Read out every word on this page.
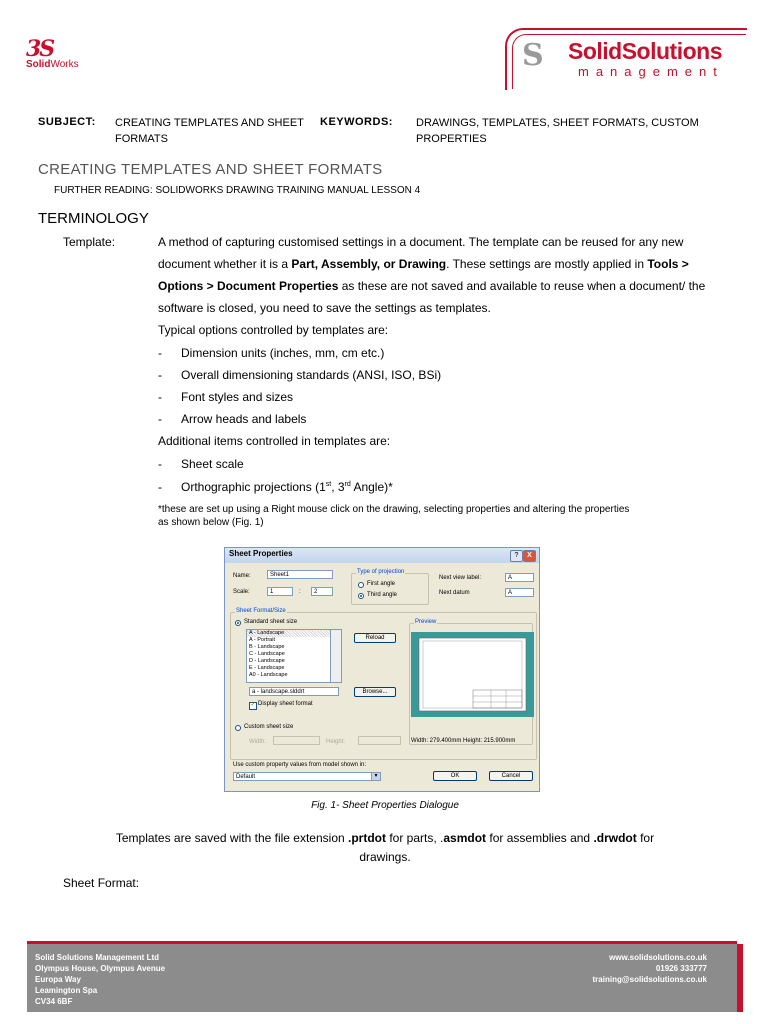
3S
SolidWorks	S SolidSolutions
management
SUBJECT: CREATING TEMPLATES AND SHEET
FORMATS
KEYWORDS: DRAWINGS, TEMPLATES, SHEET FORMATS, CUSTOM
PROPERTIES
CREATING TEMPLATES AND SHEET FORMATS
FURTHER READING: SOLIDWORKS DRAWING TRAINING MANUAL LESSON 4
TERMINOLOGY
Template:	A method of capturing customised settings in a document. The template can be reused for any new
document whether it is a Part, Assembly, or Drawing. These settings are mostly applied in Tools >
Options > Document Properties as these are not saved and available to reuse when a document/ the
software is closed, you need to save the settings as templates.
Typical options controlled by templates are:
- Dimension units (inches, mm, cm etc.)
- Overall dimensioning standards (ANSI, ISO, BSi)
- Font styles and sizes
- Arrow heads and labels
Additional items controlled in templates are:
- Sheet scale
- Orthographic projections (1st, 3rd Angle)*
*these are set up using a Right mouse click on the drawing, selecting properties and altering the properties
as shown below (Fig. 1)
Sheet Properties	?	X
Name:	Sheet1
Scale:	1	:	2
Type of projection
First angle
Third angle
Next view label:	A
Next datum	A
Sheet Format/Size
Standard sheet size
A - Landscape
A - Portrait
B - Landscape
C - Landscape
D - Landscape
E - Landscape
A0 - Landscape
Reload
a - landscape.slddrt	Browse...
✓ Display sheet format
Custom sheet size
Width:	Height:
Preview
Width: 279.400mm Height: 215.900mm
Use custom property values from model shown in:
Default	▾	OK	Cancel
Fig. 1- Sheet Properties Dialogue
Templates are saved with the file extension .prtdot for parts, .asmdot for assemblies and .drwdot for
drawings.
Sheet Format:
Solid Solutions Management Ltd
Olympus House, Olympus Avenue
Europa Way
Leamington Spa
CV34 6BF
www.solidsolutions.co.uk
01926 333777
training@solidsolutions.co.uk
